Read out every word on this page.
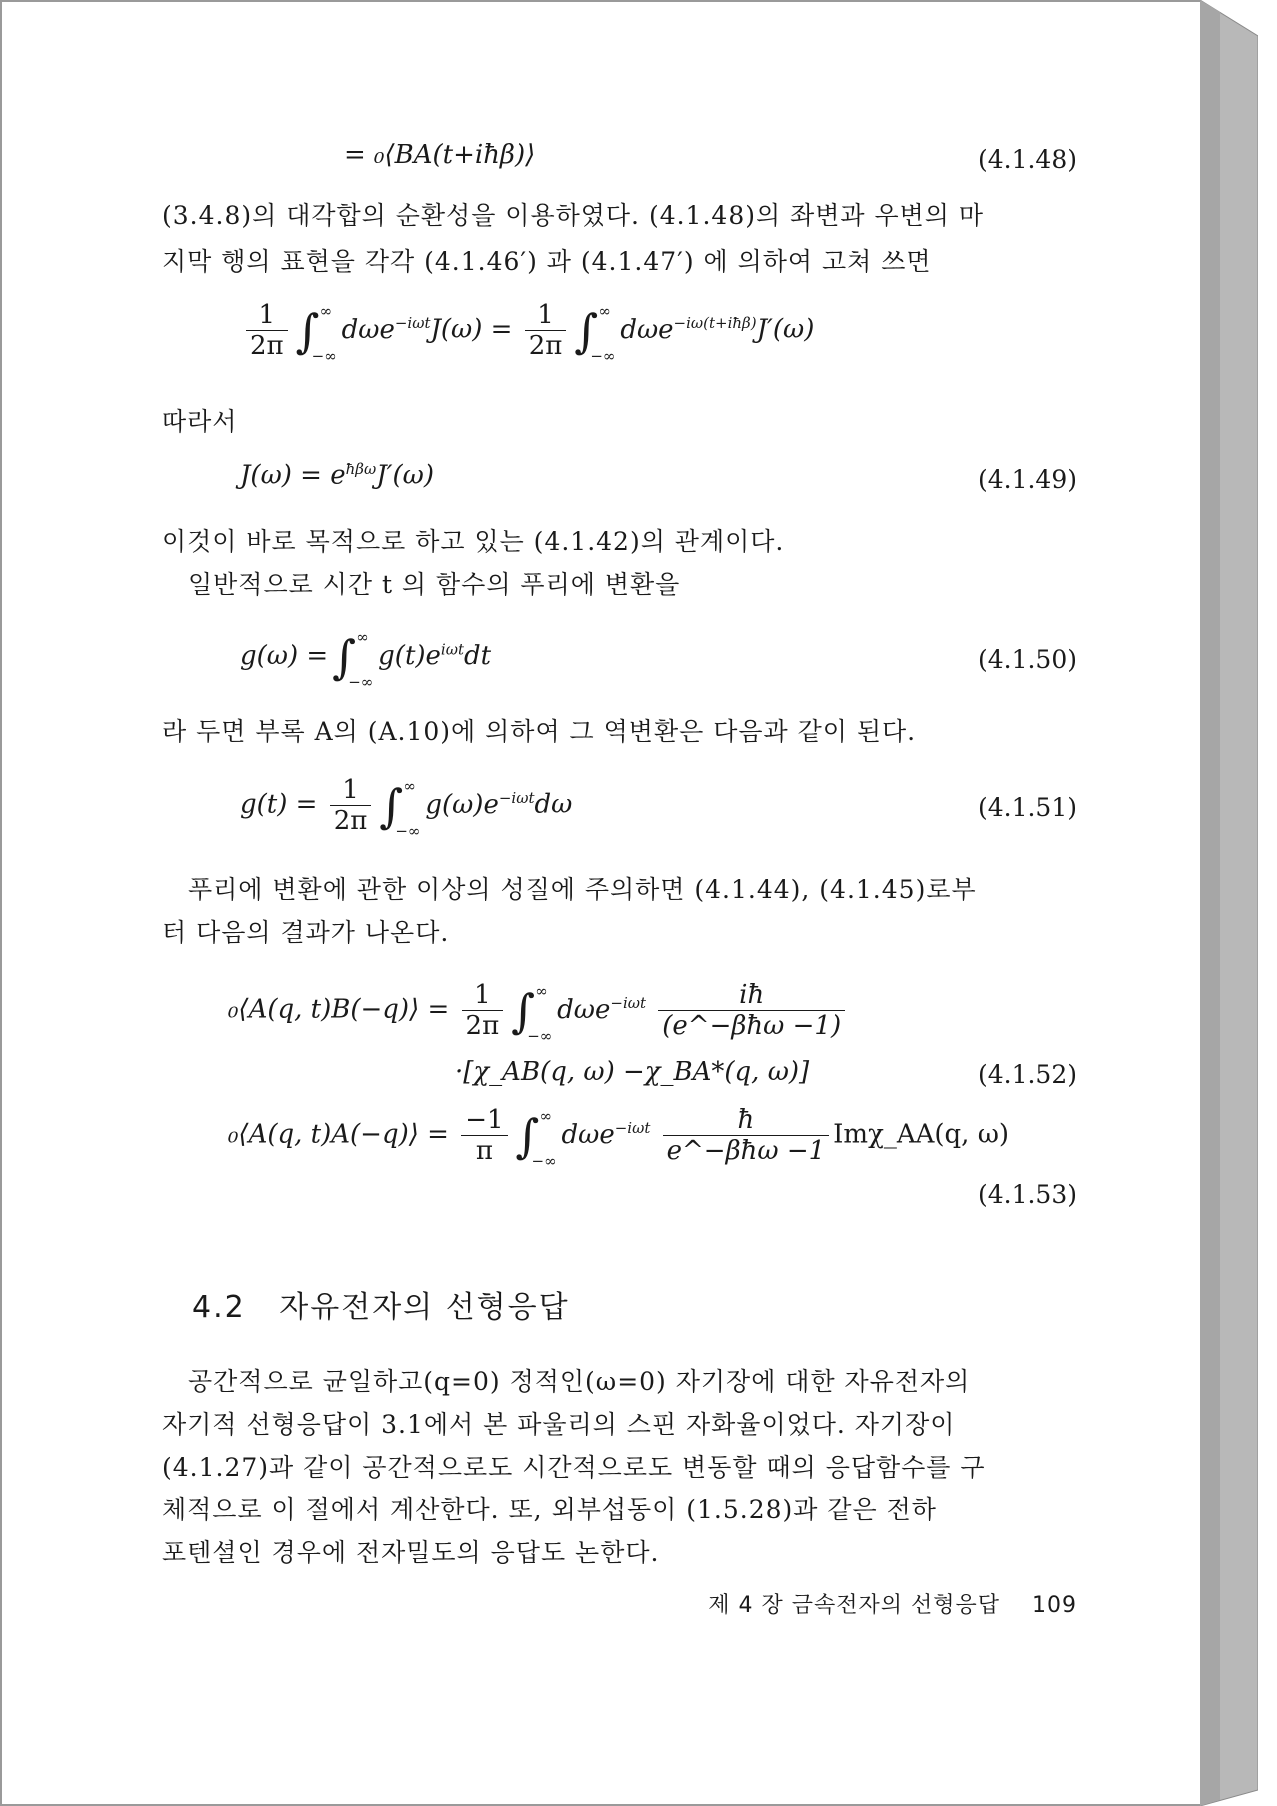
= ₀⟨BA(t+iħβ)⟩	(4.1.48)
(3.4.8)의 대각합의 순환성을 이용하였다. (4.1.48)의 좌변과 우변의 마
지막 행의 표현을 각각 (4.1.46′) 과 (4.1.47′) 에 의하여 고쳐 쓰면
$\frac{1}{2\pi}$ ∫ ∞
−∞
$d\omega e^{-i\omega t}J(\omega) = \frac{1}{2\pi}$ ∫ ∞
−∞
dωe$^{-i\omega(t+iħ\beta)}$J′(ω)
따라서
$J(\omega) = e^{ħ\beta\omega}J'(\omega)$	(4.1.49)
이것이 바로 목적으로 하고 있는 (4.1.42)의 관계이다.
일반적으로 시간 t 의 함수의 푸리에 변환을
g(ω) =∫ ∞
−∞
$g(t)e^{i\omega t}dt$	(4.1.50)
라 두면 부록 A의 (A.10)에 의하여 그 역변환은 다음과 같이 된다.
$g(t) = \frac{1}{2\pi}$ ∫ ∞
−∞
$g(\omega)e^{-i\omega t}d\omega$	(4.1.51)
푸리에 변환에 관한 이상의 성질에 주의하면 (4.1.44), (4.1.45)로부
터 다음의 결과가 나온다.
₀⟨A(q, t)B(−q)⟩ = $\frac{1}{2\pi}$ ∫ ∞
−∞
$d\omega e^{-i\omega t} \frac{iħ}{\text{(e\textasciicircum{}−βħω −1)}}$
·[χ_AB(q, ω) −χ_BA*(q, ω)]	(4.1.52)
₀⟨A(q, t)A(−q)⟩ = $\frac{-1}{\pi}$ ∫ ∞
−∞
$d\omega e^{-i\omega t} \frac{ħ}{\text{e\textasciicircum{}−βħω −1}}$ Imχ_AA(q, ω)
(4.1.53)
4.2 자유전자의 선형응답
공간적으로 균일하고(q=0) 정적인(ω=0) 자기장에 대한 자유전자의
자기적 선형응답이 3.1에서 본 파울리의 스핀 자화율이었다. 자기장이
(4.1.27)과 같이 공간적으로도 시간적으로도 변동할 때의 응답함수를 구
체적으로 이 절에서 계산한다. 또, 외부섭동이 (1.5.28)과 같은 전하
포텐셜인 경우에 전자밀도의 응답도 논한다.
제 4 장 금속전자의 선형응답 109
